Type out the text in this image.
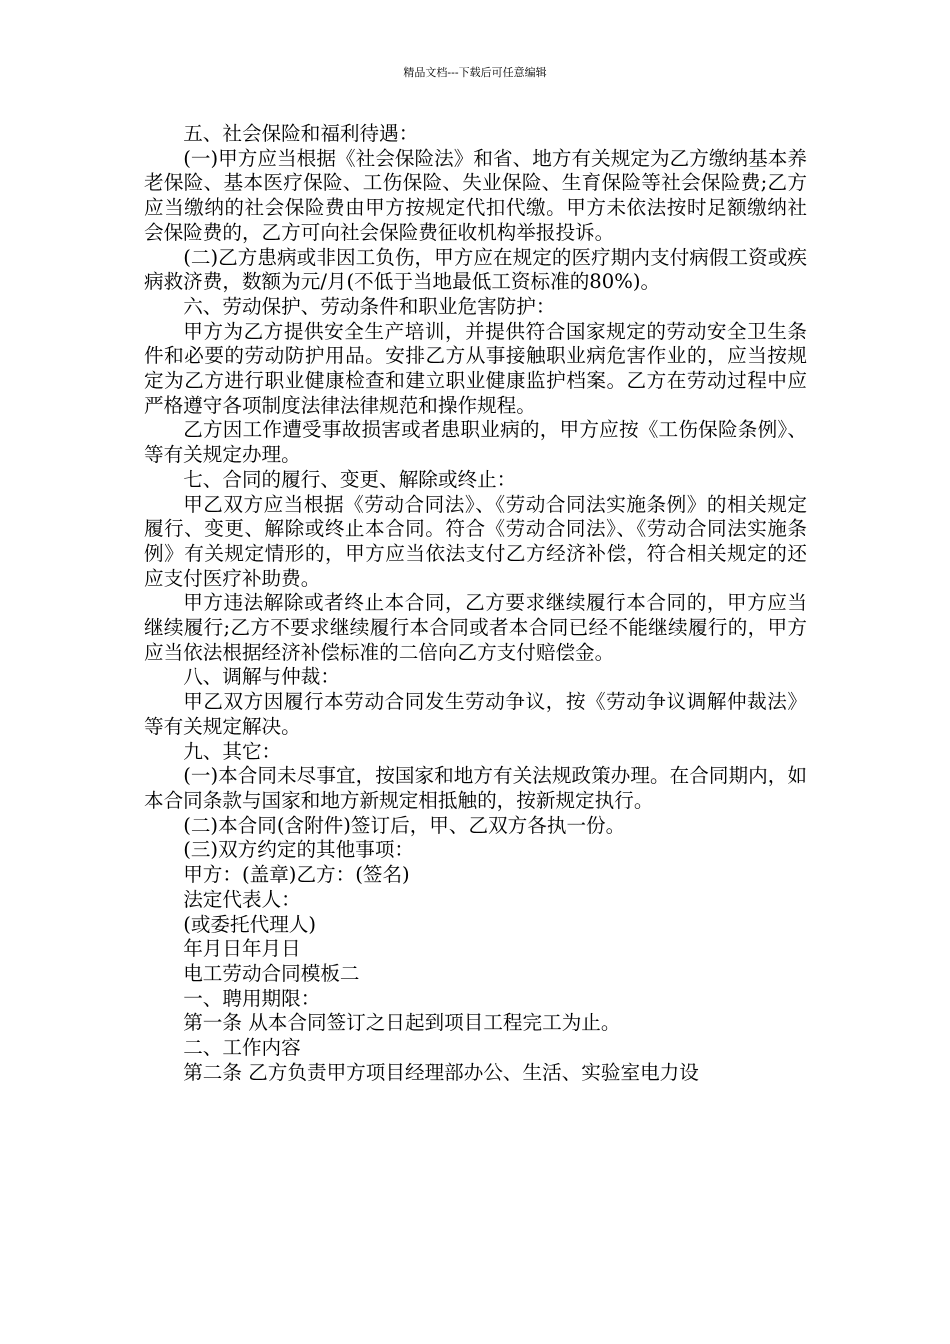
精品文档---下载后可任意编辑

五、社会保险和福利待遇：

(一)甲方应当根据《社会保险法》和省、地方有关规定为乙方缴纳基本养老保险、基本医疗保险、工伤保险、失业保险、生育保险等社会保险费;乙方应当缴纳的社会保险费由甲方按规定代扣代缴。甲方未依法按时足额缴纳社会保险费的，乙方可向社会保险费征收机构举报投诉。

(二)乙方患病或非因工负伤，甲方应在规定的医疗期内支付病假工资或疾病救济费，数额为元/月(不低于当地最低工资标准的80%)。

六、劳动保护、劳动条件和职业危害防护：

甲方为乙方提供安全生产培训，并提供符合国家规定的劳动安全卫生条件和必要的劳动防护用品。安排乙方从事接触职业病危害作业的，应当按规定为乙方进行职业健康检查和建立职业健康监护档案。乙方在劳动过程中应严格遵守各项制度法律法律规范和操作规程。

乙方因工作遭受事故损害或者患职业病的，甲方应按《工伤保险条例》、等有关规定办理。

七、合同的履行、变更、解除或终止：

甲乙双方应当根据《劳动合同法》、《劳动合同法实施条例》的相关规定履行、变更、解除或终止本合同。符合《劳动合同法》、《劳动合同法实施条例》有关规定情形的，甲方应当依法支付乙方经济补偿，符合相关规定的还应支付医疗补助费。

甲方违法解除或者终止本合同，乙方要求继续履行本合同的，甲方应当继续履行;乙方不要求继续履行本合同或者本合同已经不能继续履行的，甲方应当依法根据经济补偿标准的二倍向乙方支付赔偿金。

八、调解与仲裁：

甲乙双方因履行本劳动合同发生劳动争议，按《劳动争议调解仲裁法》等有关规定解决。

九、其它：

(一)本合同未尽事宜，按国家和地方有关法规政策办理。在合同期内，如本合同条款与国家和地方新规定相抵触的，按新规定执行。

(二)本合同(含附件)签订后，甲、乙双方各执一份。

(三)双方约定的其他事项：

甲方：(盖章)乙方：(签名)

法定代表人：

(或委托代理人)

年月日年月日

电工劳动合同模板二

一、聘用期限：

第一条 从本合同签订之日起到项目工程完工为止。

二、工作内容

第二条 乙方负责甲方项目经理部办公、生活、实验室电力设
